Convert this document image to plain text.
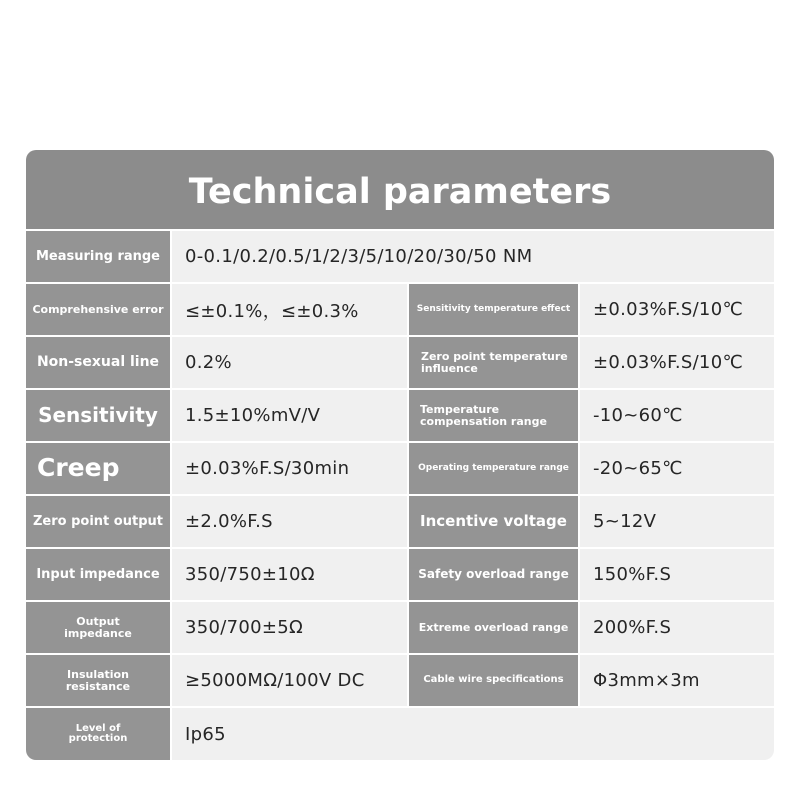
Technical parameters
Measuring range	0-0.1/0.2/0.5/1/2/3/5/10/20/30/50 NM
Comprehensive error	≤±0.1%，≤±0.3%	Sensitivity temperature effect	±0.03%F.S/10℃
Non-sexual line	0.2%	Zero point temperature influence	±0.03%F.S/10℃
Sensitivity	1.5±10%mV/V	Temperature compensation range	-10~60℃
Creep	±0.03%F.S/30min	Operating temperature range	-20~65℃
Zero point output	±2.0%F.S	Incentive voltage	5~12V
Input impedance	350/750±10Ω	Safety overload range	150%F.S
Output impedance	350/700±5Ω	Extreme overload range	200%F.S
Insulation resistance	≥5000MΩ/100V DC	Cable wire specifications	Φ3mm×3m
Level of protection	Ip65
